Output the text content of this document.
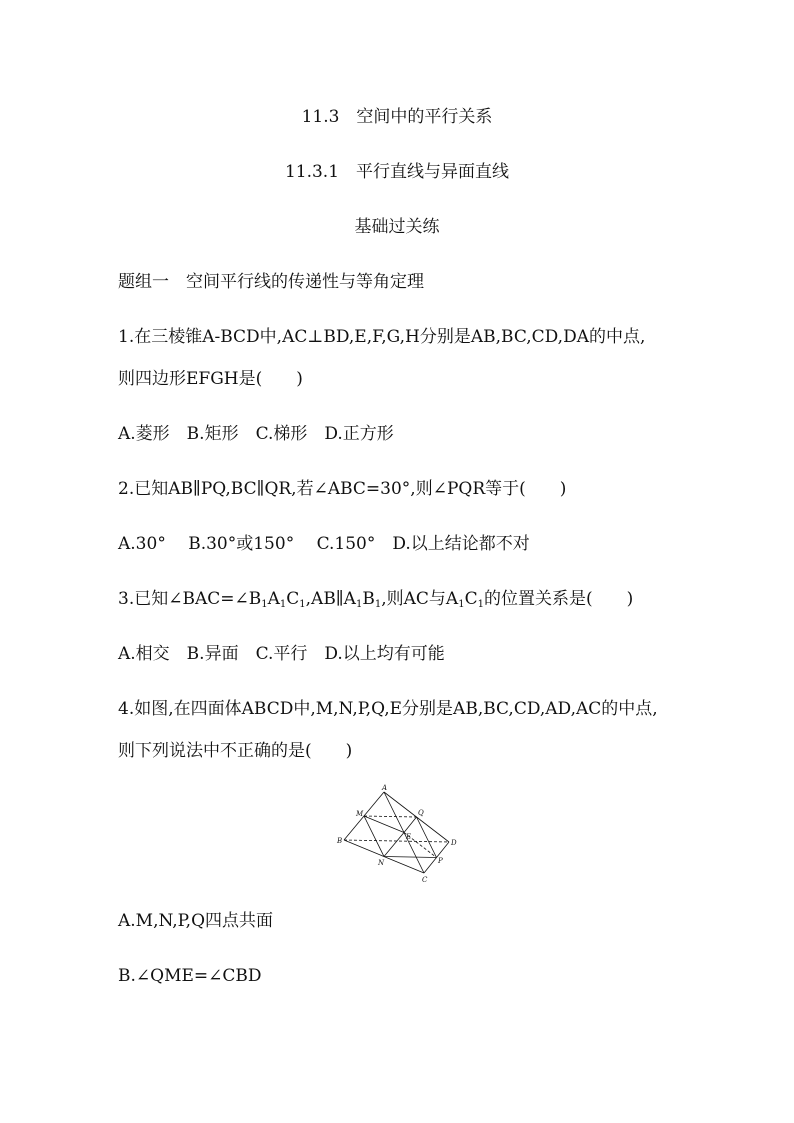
11.3　空间中的平行关系
11.3.1　平行直线与异面直线
基础过关练
题组一　空间平行线的传递性与等角定理
1.在三棱锥A-BCD中,AC⊥BD,E,F,G,H分别是AB,BC,CD,DA的中点,
则四边形EFGH是(　　)
A.菱形　B.矩形　C.梯形　D.正方形
2.已知AB∥PQ,BC∥QR,若∠ABC=30°,则∠PQR等于(　　)
A.30°　 B.30°或150°　 C.150°　D.以上结论都不对
3.已知$\angle BAC=\angle B_1A_1C_1,AB\parallel A_1B_1$,则AC与$A_1C_1$的位置关系是(　　)
A.相交　B.异面　C.平行　D.以上均有可能
4.如图,在四面体ABCD中,M,N,P,Q,E分别是AB,BC,CD,AD,AC的中点,
则下列说法中不正确的是(　　)
A
B
C
D
M
N	P
Q
E
A.M,N,P,Q四点共面
B.∠QME=∠CBD
